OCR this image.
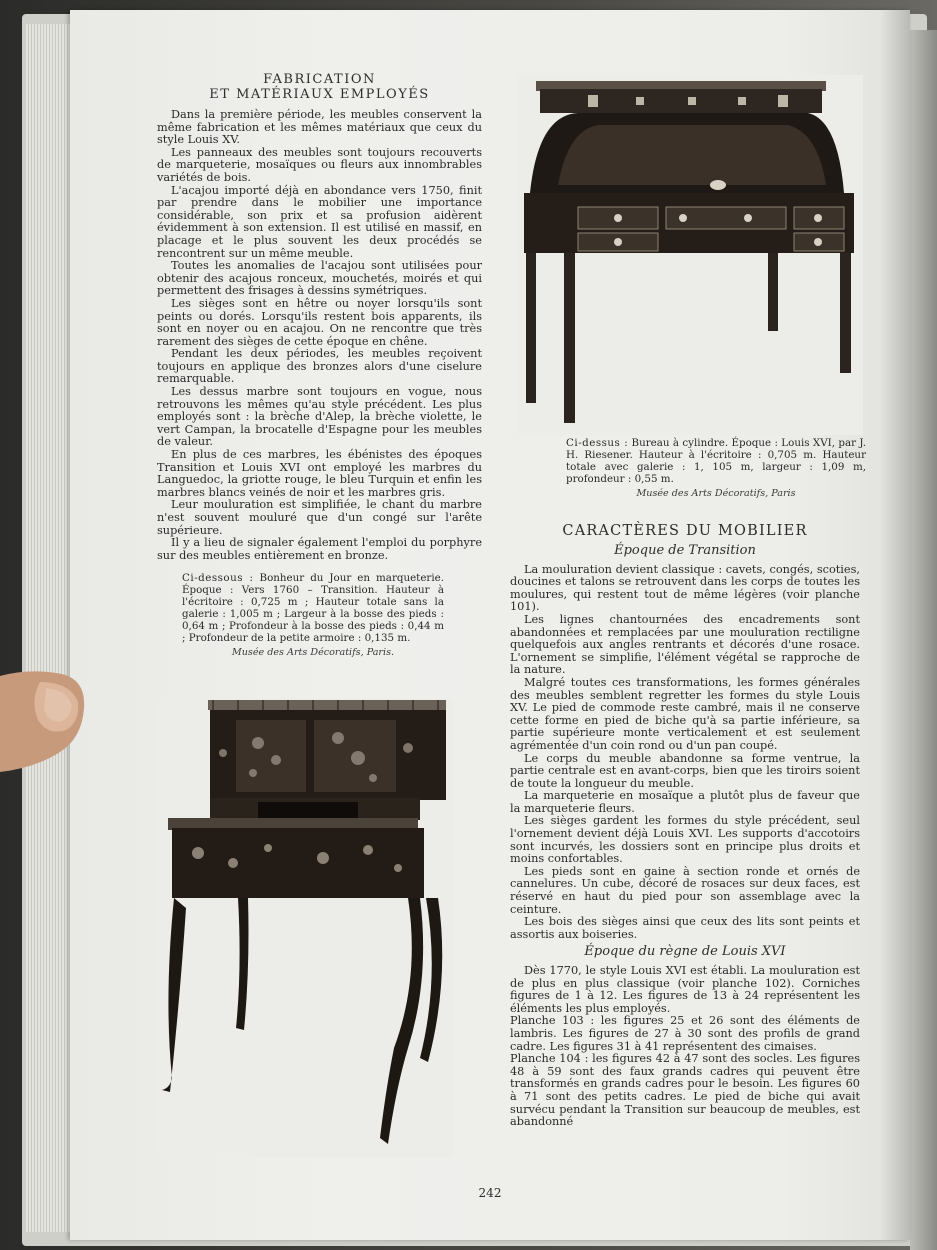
FABRICATION
ET MATÉRIAUX EMPLOYÉS

Dans la première période, les meubles conservent la même fabrication et les mêmes matériaux que ceux du style Louis XV.

Les panneaux des meubles sont toujours recouverts de marqueterie, mosaïques ou fleurs aux innombrables variétés de bois.

L'acajou importé déjà en abondance vers 1750, finit par prendre dans le mobilier une importance considérable, son prix et sa profusion aidèrent évidemment à son extension. Il est utilisé en massif, en placage et le plus souvent les deux procédés se rencontrent sur un même meuble.

Toutes les anomalies de l'acajou sont utilisées pour obtenir des acajous ronceux, mouchetés, moirés et qui permettent des frisages à dessins symétriques.

Les sièges sont en hêtre ou noyer lorsqu'ils sont peints ou dorés. Lorsqu'ils restent bois apparents, ils sont en noyer ou en acajou. On ne rencontre que très rarement des sièges de cette époque en chêne.

Pendant les deux périodes, les meubles reçoivent toujours en applique des bronzes alors d'une ciselure remarquable.

Les dessus marbre sont toujours en vogue, nous retrouvons les mêmes qu'au style précédent. Les plus employés sont : la brèche d'Alep, la brèche violette, le vert Campan, la brocatelle d'Espagne pour les meubles de valeur.

En plus de ces marbres, les ébénistes des époques Transition et Louis XVI ont employé les marbres du Languedoc, la griotte rouge, le bleu Turquin et enfin les marbres blancs veinés de noir et les marbres gris.

Leur mouluration est simplifiée, le chant du marbre n'est souvent mouluré que d'un congé sur l'arête supérieure.

Il y a lieu de signaler également l'emploi du porphyre sur des meubles entièrement en bronze.

Ci-dessus : Bureau à cylindre. Époque : Louis XVI, par J. H. Riesener. Hauteur à l'écritoire : 0,705 m. Hauteur totale avec galerie : 1, 105 m, largeur : 1,09 m, profondeur : 0,55 m.
Musée des Arts Décoratifs, Paris
CARACTÈRES DU MOBILIER
Époque de Transition

La mouluration devient classique : cavets, congés, scoties, doucines et talons se retrouvent dans les corps de toutes les moulures, qui restent tout de même légères (voir planche 101).

Les lignes chantournées des encadrements sont abandonnées et remplacées par une mouluration rectiligne quelquefois aux angles rentrants et décorés d'une rosace. L'ornement se simplifie, l'élément végétal se rapproche de la nature.

Malgré toutes ces transformations, les formes générales des meubles semblent regretter les formes du style Louis XV. Le pied de commode reste cambré, mais il ne conserve cette forme en pied de biche qu'à sa partie inférieure, sa partie supérieure monte verticalement et est seulement agrémentée d'un coin rond ou d'un pan coupé.

Le corps du meuble abandonne sa forme ventrue, la partie centrale est en avant-corps, bien que les tiroirs soient de toute la longueur du meuble.

La marqueterie en mosaïque a plutôt plus de faveur que la marqueterie fleurs.

Les sièges gardent les formes du style précédent, seul l'ornement devient déjà Louis XVI. Les supports d'accotoirs sont incurvés, les dossiers sont en principe plus droits et moins confortables.

Les pieds sont en gaine à section ronde et ornés de cannelures. Un cube, décoré de rosaces sur deux faces, est réservé en haut du pied pour son assemblage avec la ceinture.

Les bois des sièges ainsi que ceux des lits sont peints et assortis aux boiseries.

Époque du règne de Louis XVI

Dès 1770, le style Louis XVI est établi. La mouluration est de plus en plus classique (voir planche 102). Corniches figures de 1 à 12. Les figures de 13 à 24 représentent les éléments les plus employés.

Planche 103 : les figures 25 et 26 sont des éléments de lambris. Les figures de 27 à 30 sont des profils de grand cadre. Les figures 31 à 41 représentent des cimaises.

Planche 104 : les figures 42 à 47 sont des socles. Les figures 48 à 59 sont des faux grands cadres qui peuvent être transformés en grands cadres pour le besoin. Les figures 60 à 71 sont des petits cadres. Le pied de biche qui avait survécu pendant la Transition sur beaucoup de meubles, est abandonné

Ci-dessous : Bonheur du Jour en marqueterie. Époque : Vers 1760 – Transition. Hauteur à l'écritoire : 0,725 m ; Hauteur totale sans la galerie : 1,005 m ; Largeur à la bosse des pieds : 0,64 m ; Profondeur à la bosse des pieds : 0,44 m ; Profondeur de la petite armoire : 0,135 m.
Musée des Arts Décoratifs, Paris.
242
